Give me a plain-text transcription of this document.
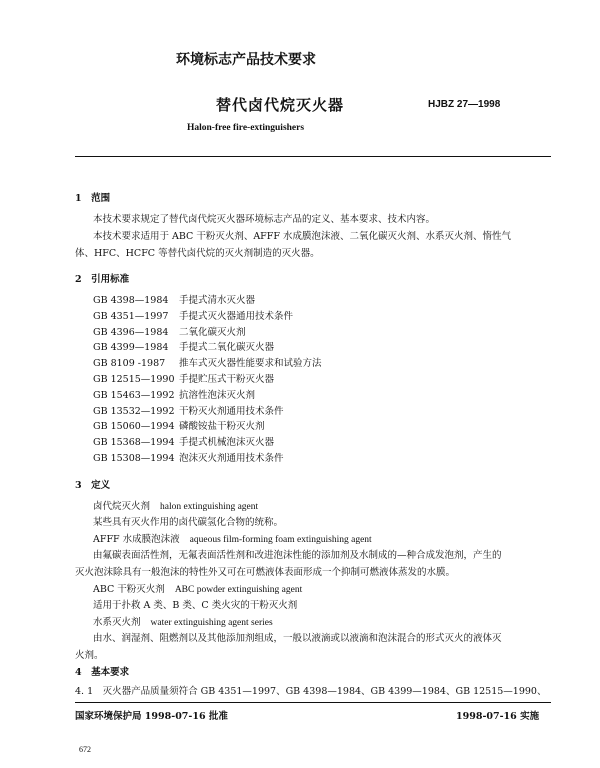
环境标志产品技术要求
替代卤代烷灭火器	HJBZ 27—1998
Halon-free fire-extinguishers
1　范围
本技术要求规定了替代卤代烷灭火器环境标志产品的定义、基本要求、技术内容。
本技术要求适用于 ABC 干粉灭火剂、AFFF 水成膜泡沫液、二氧化碳灭火剂、水系灭火剂、惰性气
体、HFC、HCFC 等替代卤代烷的灭火剂制造的灭火器。
2　引用标准
GB 4398—1984 手提式清水灭火器
GB 4351—1997 手提式灭火器通用技术条件
GB 4396—1984 二氧化碳灭火剂
GB 4399—1984 手提式二氧化碳灭火器
GB 8109 -1987 推车式灭火器性能要求和试验方法
GB 12515—1990 手提贮压式干粉灭火器
GB 15463—1992 抗溶性泡沫灭火剂
GB 13532—1992 干粉灭火剂通用技术条件
GB 15060—1994 磷酸铵盐干粉灭火剂
GB 15368—1994 手提式机械泡沫灭火器
GB 15308—1994 泡沫灭火剂通用技术条件
3　定义
卤代烷灭火剂 halon extinguishing agent
某些具有灭火作用的卤代碳氢化合物的统称。
AFFF 水成膜泡沫液 aqueous film-forming foam extinguishing agent
由氟碳表面活性剂，无氟表面活性剂和改进泡沫性能的添加剂及水制成的—种合成发泡剂，产生的
灭火泡沫除具有一般泡沫的特性外又可在可燃液体表面形成一个抑制可燃液体蒸发的水膜。
ABC 干粉灭火剂 ABC powder extinguishing agent
适用于扑救 A 类、B 类、C 类火灾的干粉灭火剂
水系灭火剂 water extinguishing agent series
由水、润湿剂、阻燃剂以及其他添加剂组成，一般以液滴或以液滴和泡沫混合的形式灭火的液体灭
火剂。
4　基本要求
4. 1　灭火器产品质量须符合 GB 4351—1997、GB 4398—1984、GB 4399—1984、GB 12515—1990、
国家环境保护局 1998-07-16 批准	1998-07-16 实施
672
